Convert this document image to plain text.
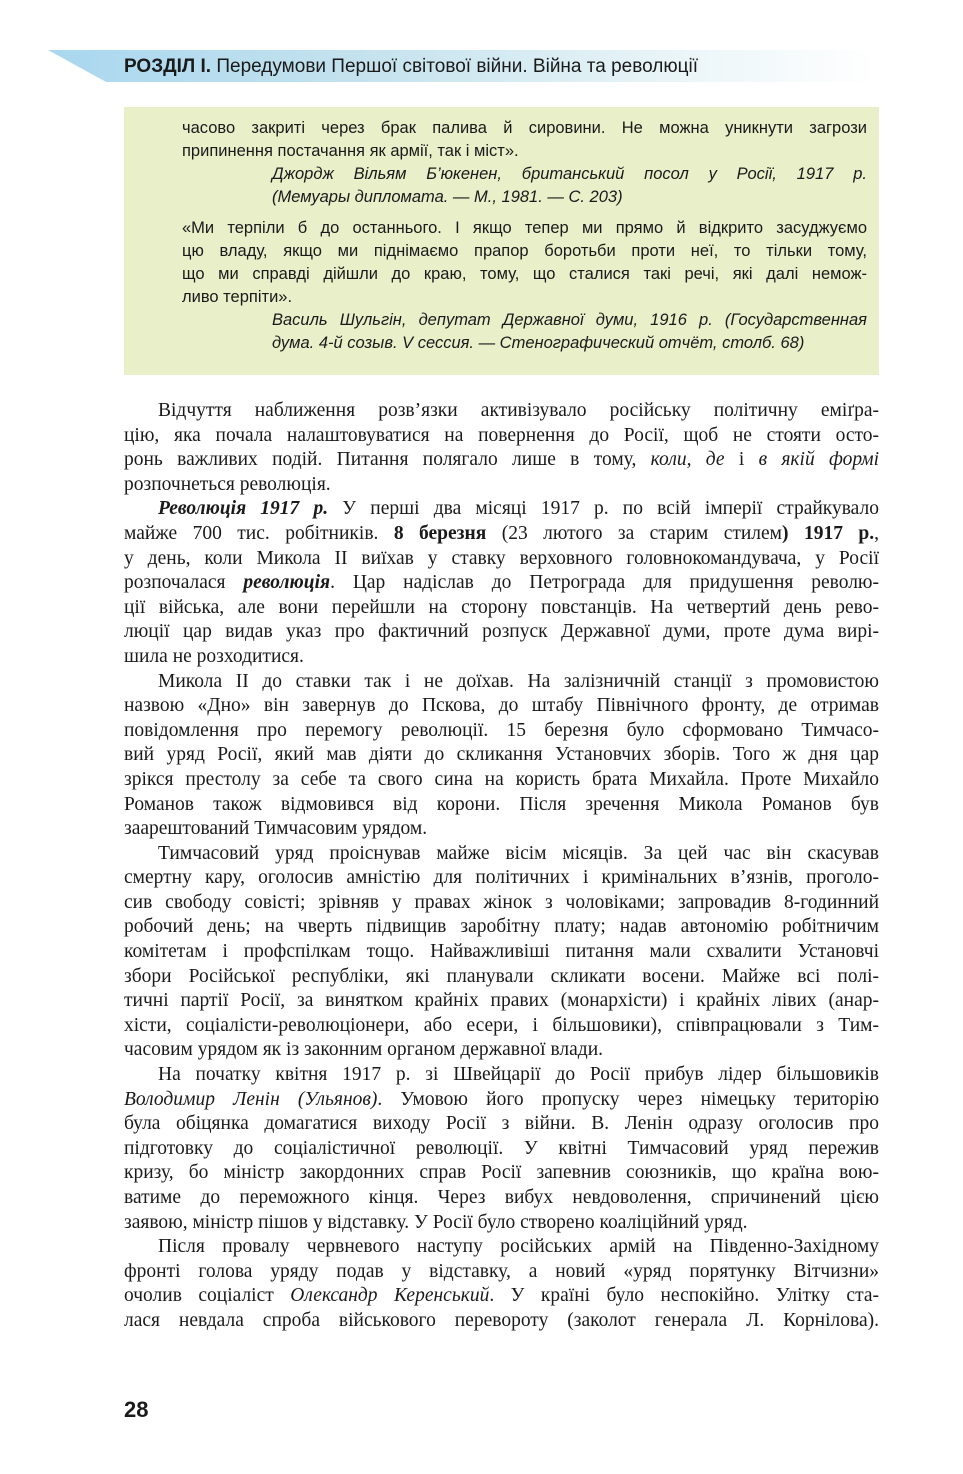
РОЗДІЛ І. Передумови Першої світової війни. Війна та революції
часово закриті через брак палива й сировини. Не можна уникнути загрози
припинення постачання як армії, так і міст».
Джордж Вільям Б’юкенен, британський посол у Росії, 1917 р.
(Мемуары дипломата. — М., 1981. — С. 203)
«Ми терпіли б до останнього. І якщо тепер ми прямо й відкрито засуджуємо
цю владу, якщо ми піднімаємо прапор боротьби проти неї, то тільки тому,
що ми справді дійшли до краю, тому, що сталися такі речі, які далі немож-
ливо терпіти».
Василь Шульгін, депутат Державної думи, 1916 р. (Государственная
дума. 4-й созыв. V сессия. — Стенографический отчёт, столб. 68)
Відчуття наближення розв’язки активізувало російську політичну еміґра-
цію, яка почала налаштовуватися на повернення до Росії, щоб не стояти осто-
ронь важливих подій. Питання полягало лише в тому, коли, де і в якій формі
розпочнеться революція.
Революція 1917 р. У перші два місяці 1917 р. по всій імперії страйкувало
майже 700 тис. робітників. 8 березня (23 лютого за старим стилем) 1917 р.,
у день, коли Микола II виїхав у ставку верховного головнокомандувача, у Росії
розпочалася революція. Цар надіслав до Петрограда для придушення револю-
ції війська, але вони перейшли на сторону повстанців. На четвертий день рево-
люції цар видав указ про фактичний розпуск Державної думи, проте дума вирі-
шила не розходитися.
Микола II до ставки так і не доїхав. На залізничній станції з промовистою
назвою «Дно» він завернув до Пскова, до штабу Північного фронту, де отримав
повідомлення про перемогу революції. 15 березня було сформовано Тимчасо-
вий уряд Росії, який мав діяти до скликання Установчих зборів. Того ж дня цар
зрікся престолу за себе та свого сина на користь брата Михайла. Проте Михайло
Романов також відмовився від корони. Після зречення Микола Романов був
заарештований Тимчасовим урядом.
Тимчасовий уряд проіснував майже вісім місяців. За цей час він скасував
смертну кару, оголосив амністію для політичних і кримінальних в’язнів, проголо-
сив свободу совісті; зрівняв у правах жінок з чоловіками; запровадив 8-годинний
робочий день; на чверть підвищив заробітну плату; надав автономію робітничим
комітетам і профспілкам тощо. Найважливіші питання мали схвалити Установчі
збори Російської республіки, які планували скликати восени. Майже всі полі-
тичні партії Росії, за винятком крайніх правих (монархісти) і крайніх лівих (анар-
хісти, соціалісти-революціонери, або есери, і більшовики), співпрацювали з Тим-
часовим урядом як із законним органом державної влади.
На початку квітня 1917 р. зі Швейцарії до Росії прибув лідер більшовиків
Володимир Ленін (Ульянов). Умовою його пропуску через німецьку територію
була обіцянка домагатися виходу Росії з війни. В. Ленін одразу оголосив про
підготовку до соціалістичної революції. У квітні Тимчасовий уряд пережив
кризу, бо міністр закордонних справ Росії запевнив союзників, що країна вою-
ватиме до переможного кінця. Через вибух невдоволення, спричинений цією
заявою, міністр пішов у відставку. У Росії було створено коаліційний уряд.
Після провалу червневого наступу російських армій на Південно-Західному
фронті голова уряду подав у відставку, а новий «уряд порятунку Вітчизни»
очолив соціаліст Олександр Керенський. У країні було неспокійно. Улітку ста-
лася невдала спроба військового перевороту (заколот генерала Л. Корнілова).
28
